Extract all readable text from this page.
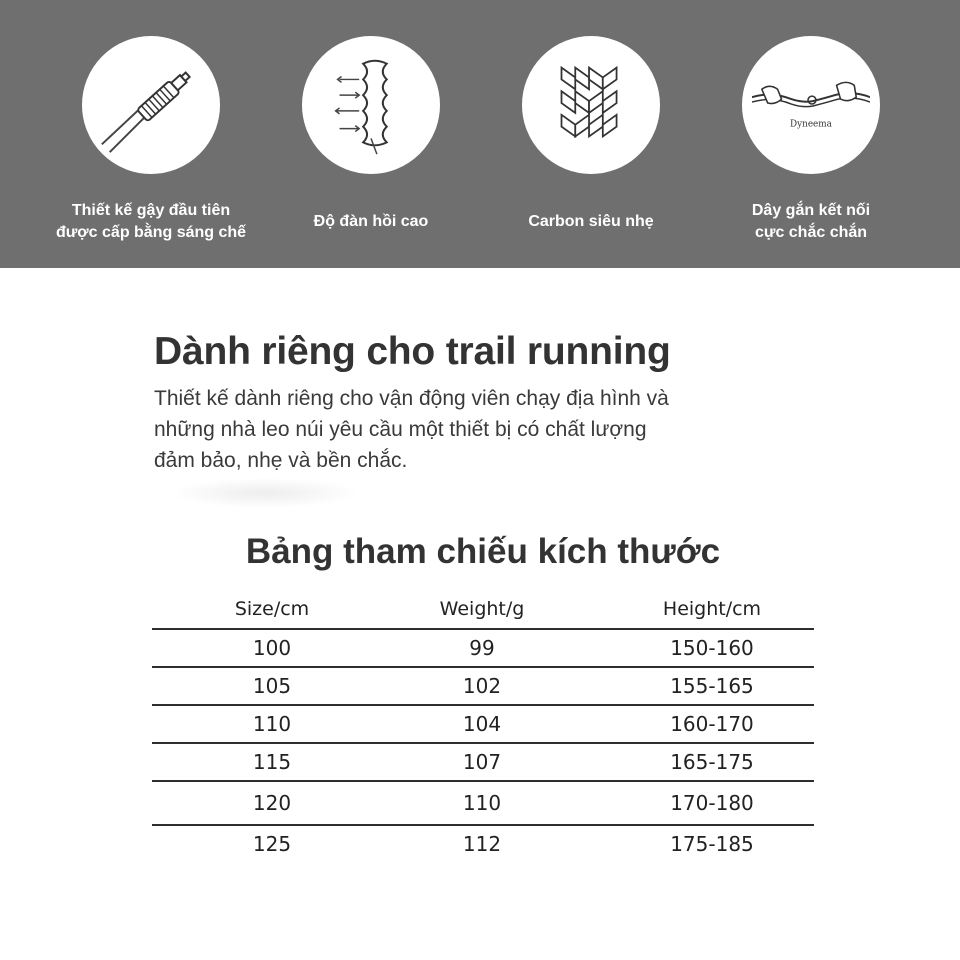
Thiết kế gậy đầu tiên
được cấp bằng sáng chế
Độ đàn hồi cao	Carbon siêu nhẹ
Dyneema
Dây gắn kết nối
cực chắc chắn
Dành riêng cho trail running

Thiết kế dành riêng cho vận động viên chạy địa hình và những nhà leo núi yêu cầu một thiết bị có chất lượng đảm bảo, nhẹ và bền chắc.

Bảng tham chiếu kích thước
Size/cm	Weight/g	Height/cm
100	99	150-160
105	102	155-165
110	104	160-170
115	107	165-175
120	110	170-180
125	112	175-185
